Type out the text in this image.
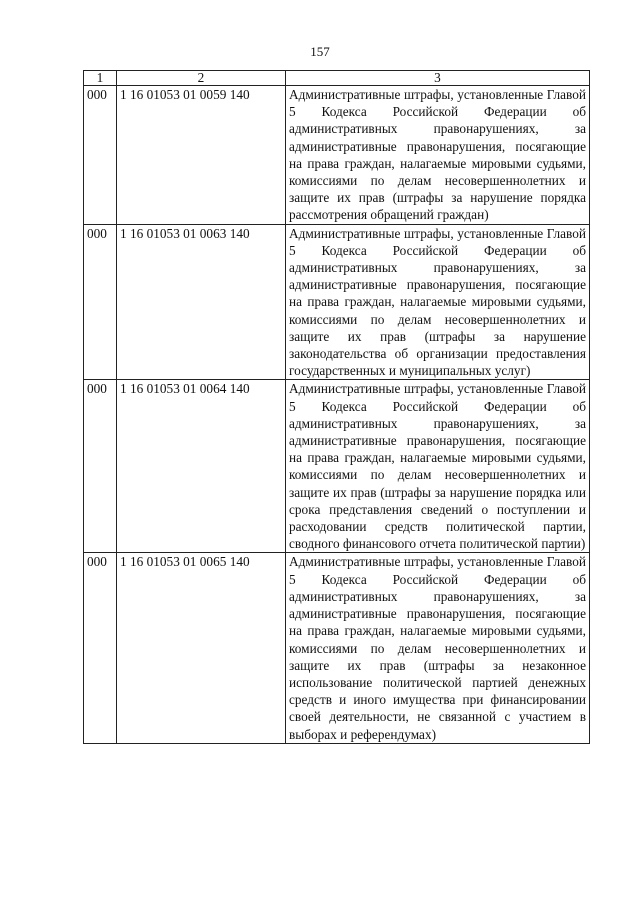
157
1	2	3
000	1 16 01053 01 0059 140	Административные штрафы, установленные Главой 5 Кодекса Российской Федерации об административных правонарушениях, за административные правонарушения, посягающие на права граждан, налагаемые мировыми судьями, комиссиями по делам несовершеннолетних и защите их прав (штрафы за нарушение порядка рассмотрения обращений граждан)
000	1 16 01053 01 0063 140	Административные штрафы, установленные Главой 5 Кодекса Российской Федерации об административных правонарушениях, за административные правонарушения, посягающие на права граждан, налагаемые мировыми судьями, комиссиями по делам несовершеннолетних и защите их прав (штрафы за нарушение законодательства об организации предоставления государственных и муниципальных услуг)
000	1 16 01053 01 0064 140	Административные штрафы, установленные Главой 5 Кодекса Российской Федерации об административных правонарушениях, за административные правонарушения, посягающие на права граждан, налагаемые мировыми судьями, комиссиями по делам несовершеннолетних и защите их прав (штрафы за нарушение порядка или срока представления сведений о поступлении и расходовании средств политической партии, сводного финансового отчета политической партии)
000	1 16 01053 01 0065 140	Административные штрафы, установленные Главой 5 Кодекса Российской Федерации об административных правонарушениях, за административные правонарушения, посягающие на права граждан, налагаемые мировыми судьями, комиссиями по делам несовершеннолетних и защите их прав (штрафы за незаконное использование политической партией денежных средств и иного имущества при финансировании своей деятельности, не связанной с участием в выборах и референдумах)
